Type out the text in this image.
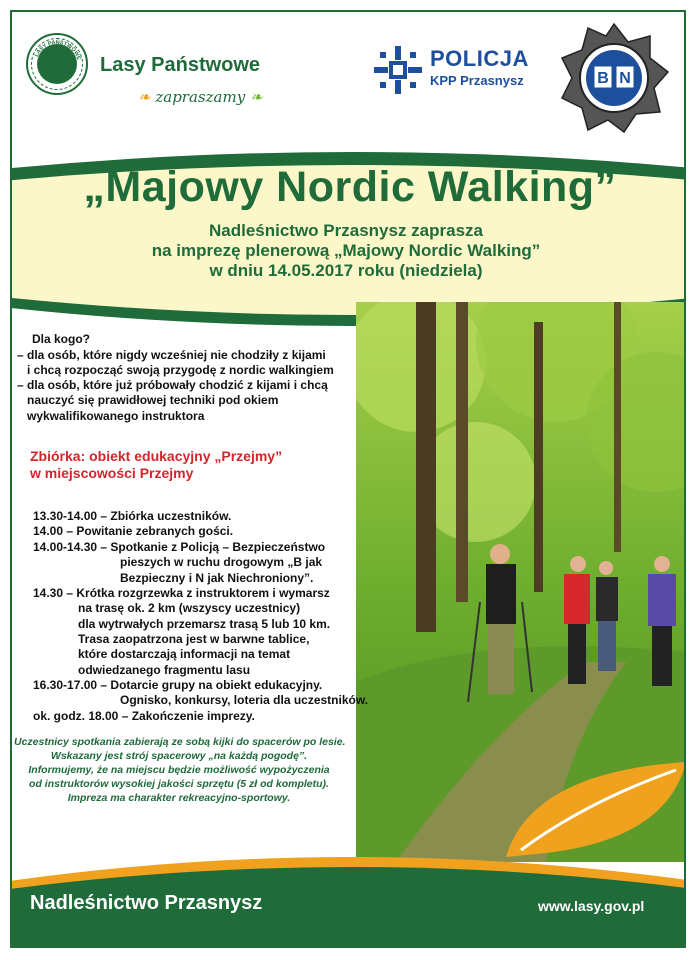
LASY PAŃSTWOWE Lasy Państwowe
❧ zapraszamy ❧
POLICJA
KPP Przasnysz	B N
„Majowy Nordic Walking”
Nadleśnictwo Przasnysz zaprasza
na imprezę plenerową „Majowy Nordic Walking”
w dniu 14.05.2017 roku (niedziela)
Dla kogo?
– dla osób, które nigdy wcześniej nie chodziły z kijami
i chcą rozpocząć swoją przygodę z nordic walkingiem
– dla osób, które już próbowały chodzić z kijami i chcą
nauczyć się prawidłowej techniki pod okiem
wykwalifikowanego instruktora
Zbiórka: obiekt edukacyjny „Przejmy”
w miejscowości Przejmy
13.30-14.00 – Zbiórka uczestników.
14.00 – Powitanie zebranych gości.
14.00-14.30 – Spotkanie z Policją – Bezpieczeństwo
pieszych w ruchu drogowym „B jak
Bezpieczny i N jak Niechroniony”.
14.30 – Krótka rozgrzewka z instruktorem i wymarsz
na trasę ok. 2 km (wszyscy uczestnicy)
dla wytrwałych przemarsz trasą 5 lub 10 km.
Trasa zaopatrzona jest w barwne tablice,
które dostarczają informacji na temat
odwiedzanego fragmentu lasu
16.30-17.00 – Dotarcie grupy na obiekt edukacyjny.
Ognisko, konkursy, loteria dla uczestników.
ok. godz. 18.00 – Zakończenie imprezy.
Uczestnicy spotkania zabierają ze sobą kijki do spacerów po lesie.
Wskazany jest strój spacerowy „na każdą pogodę”.
Informujemy, że na miejscu będzie możliwość wypożyczenia
od instruktorów wysokiej jakości sprzętu (5 zł od kompletu).
Impreza ma charakter rekreacyjno-sportowy.
Nadleśnictwo Przasnysz	www.lasy.gov.pl
